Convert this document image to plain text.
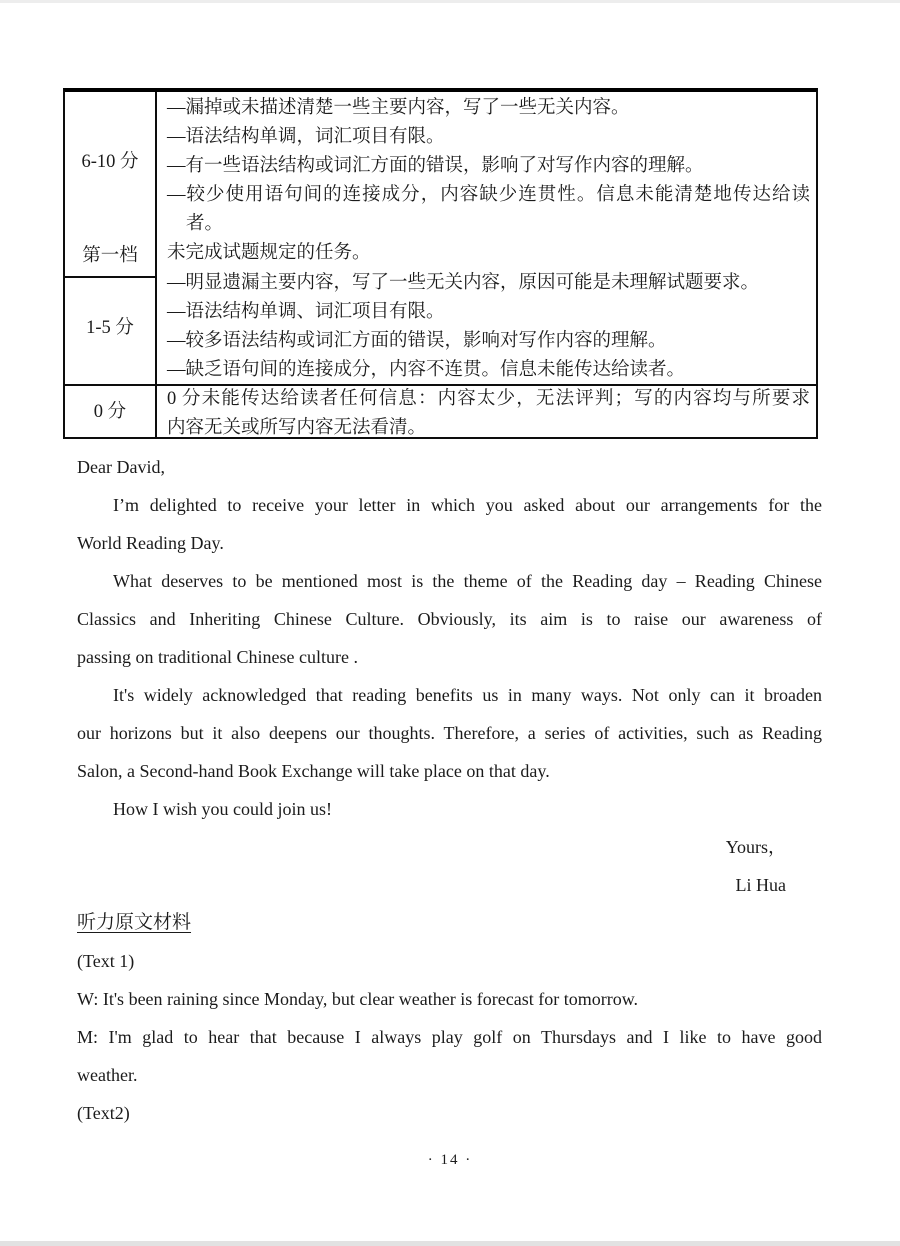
6-10 分
第一档
1-5 分
0 分
—漏掉或未描述清楚一些主要内容，写了一些无关内容。
—语法结构单调，词汇项目有限。
—有一些语法结构或词汇方面的错误，影响了对写作内容的理解。
—较少使用语句间的连接成分，内容缺少连贯性。信息未能清楚地传达给读
者。
未完成试题规定的任务。
—明显遗漏主要内容，写了一些无关内容，原因可能是未理解试题要求。
—语法结构单调、词汇项目有限。
—较多语法结构或词汇方面的错误，影响对写作内容的理解。
—缺乏语句间的连接成分，内容不连贯。信息未能传达给读者。
0 分未能传达给读者任何信息：内容太少，无法评判；写的内容均与所要求
内容无关或所写内容无法看清。
Dear David,
I’m delighted to receive your letter in which you asked about our arrangements for the
World Reading Day.
What deserves to be mentioned most is the theme of the Reading day – Reading Chinese
Classics and Inheriting Chinese Culture. Obviously, its aim is to raise our awareness of
passing on traditional Chinese culture .
It's widely acknowledged that reading benefits us in many ways. Not only can it broaden
our horizons but it also deepens our thoughts. Therefore, a series of activities, such as Reading
Salon, a Second-hand Book Exchange will take place on that day.
How I wish you could join us!
Yours，
Li Hua
听力原文材料
(Text 1)
W: It's been raining since Monday, but clear weather is forecast for tomorrow.
M: I'm glad to hear that because I always play golf on Thursdays and I like to have good
weather.
(Text2)
· 14 ·
